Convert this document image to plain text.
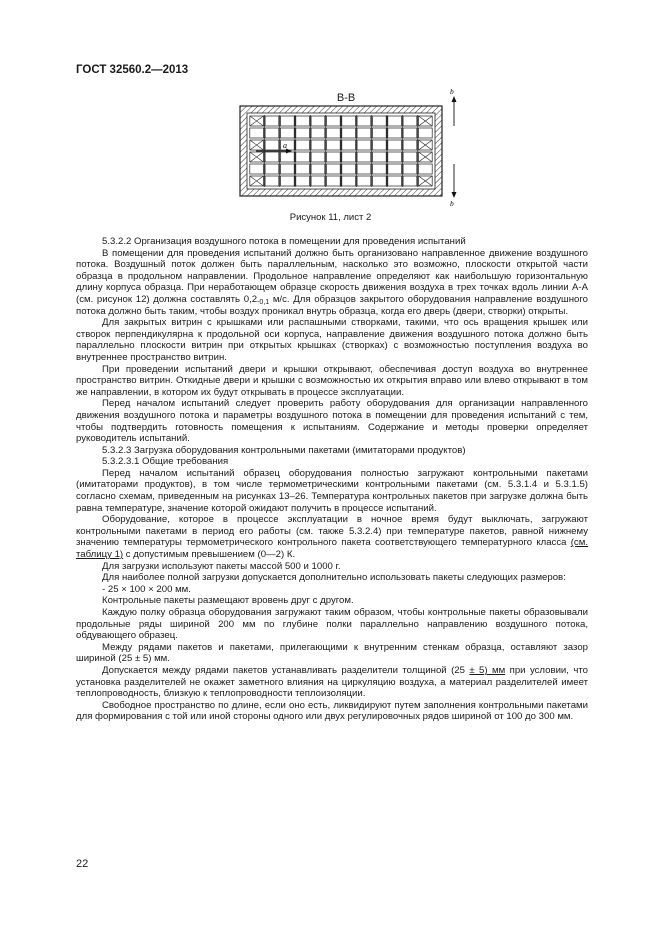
ГОСТ 32560.2—2013
В-В
a
b
b
Рисунок 11, лист 2

5.3.2.2 Организация воздушного потока в помещении для проведения испытаний

В помещении для проведения испытаний должно быть организовано направленное движение воздушного потока. Воздушный поток должен быть параллельным, насколько это возможно, плоскости открытой части образца в продольном направлении. Продольное направление определяют как наибольшую горизонтальную длину корпуса образца. При неработающем образце скорость движения воздуха в трех точках вдоль линии А-А (см. рисунок 12) должна составлять $0,2_{-0,1}$ м/с. Для образцов закрытого оборудования направление воздушного потока должно быть таким, чтобы воздух проникал внутрь образца, когда его дверь (двери, створки) открыты.

Для закрытых витрин с крышками или распашными створками, такими, что ось вращения крышек или створок перпендикулярна к продольной оси корпуса, направление движения воздушного потока должно быть параллельно плоскости витрин при открытых крышках (створках) с возможностью поступления воздуха во внутреннее пространство витрин.

При проведении испытаний двери и крышки открывают, обеспечивая доступ воздуха во внутреннее пространство витрин. Откидные двери и крышки с возможностью их открытия вправо или влево открывают в том же направлении, в котором их будут открывать в процессе эксплуатации.

Перед началом испытаний следует проверить работу оборудования для организации направленного движения воздушного потока и параметры воздушного потока в помещении для проведения испытаний с тем, чтобы подтвердить готовность помещения к испытаниям. Содержание и методы проверки определяет руководитель испытаний.

5.3.2.3 Загрузка оборудования контрольными пакетами (имитаторами продуктов)

5.3.2.3.1 Общие требования

Перед началом испытаний образец оборудования полностью загружают контрольными пакетами (имитаторами продуктов), в том числе термометрическими контрольными пакетами (см. 5.3.1.4 и 5.3.1.5) согласно схемам, приведенным на рисунках 13–26. Температура контрольных пакетов при загрузке должна быть равна температуре, значение которой ожидают получить в процессе испытаний.

Оборудование, которое в процессе эксплуатации в ночное время будут выключать, загружают контрольными пакетами в период его работы (см. также 5.3.2.4) при температуре пакетов, равной нижнему значению температуры термометрического контрольного пакета соответствующего температурного класса (см. таблицу 1) с допустимым превышением (0—2) К.

Для загрузки используют пакеты массой 500 и 1000 г.

Для наиболее полной загрузки допускается дополнительно использовать пакеты следующих размеров:

- 25 × 100 × 200 мм.

Контрольные пакеты размещают вровень друг с другом.

Каждую полку образца оборудования загружают таким образом, чтобы контрольные пакеты образовывали продольные ряды шириной 200 мм по глубине полки параллельно направлению воздушного потока, обдувающего образец.

Между рядами пакетов и пакетами, прилегающими к внутренним стенкам образца, оставляют зазор шириной (25 ± 5) мм.

Допускается между рядами пакетов устанавливать разделители толщиной (25 ± 5) мм при условии, что установка разделителей не окажет заметного влияния на циркуляцию воздуха, а материал разделителей имеет теплопроводность, близкую к теплопроводности теплоизоляции.

Свободное пространство по длине, если оно есть, ликвидируют путем заполнения контрольными пакетами для формирования с той или иной стороны одного или двух регулировочных рядов шириной от 100 до 300 мм.

22
